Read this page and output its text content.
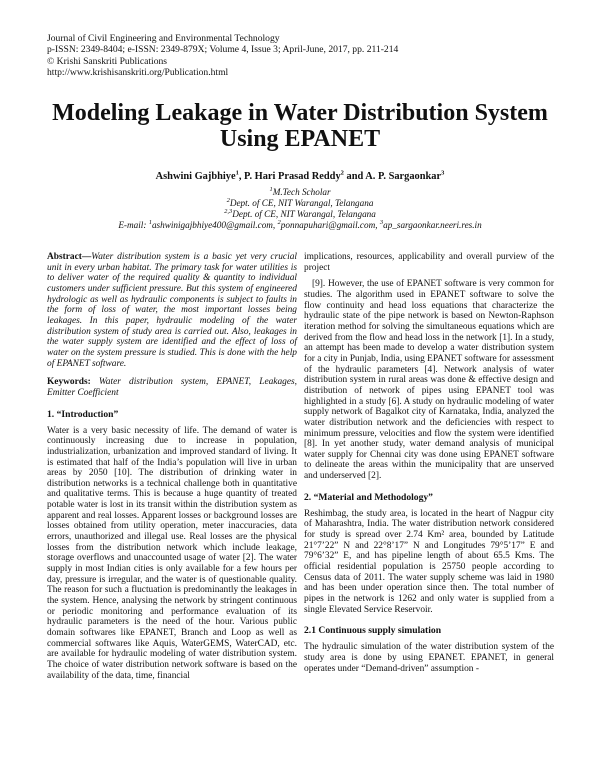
Journal of Civil Engineering and Environmental Technology
p-ISSN: 2349-8404; e-ISSN: 2349-879X; Volume 4, Issue 3; April-June, 2017, pp. 211-214
© Krishi Sanskriti Publications
http://www.krishisanskriti.org/Publication.html
Modeling Leakage in Water Distribution System Using EPANET
Ashwini Gajbhiye$^1$, P. Hari Prasad Reddy$^2$ and A. P. Sargaonkar$^3$
$^1$M.Tech Scholar
$^2$Dept. of CE, NIT Warangal, Telangana
$^{2,3}$Dept. of CE, NIT Warangal, Telangana
E-mail: $^1$ashwinigajbhiye400@gmail.com, $^2$ponnapuhari@gmail.com, $^3$ap_sargaonkar.neeri.res.in

Abstract—Water distribution system is a basic yet very crucial unit in every urban habitat. The primary task for water utilities is to deliver water of the required quality & quantity to individual customers under sufficient pressure. But this system of engineered hydrologic as well as hydraulic components is subject to faults in the form of loss of water, the most important losses being leakages. In this paper, hydraulic modeling of the water distribution system of study area is carried out. Also, leakages in the water supply system are identified and the effect of loss of water on the system pressure is studied. This is done with the help of EPANET software.

Keywords: Water distribution system, EPANET, Leakages, Emitter Coefficient

1. “Introduction”

Water is a very basic necessity of life. The demand of water is continuously increasing due to increase in population, industrialization, urbanization and improved standard of living. It is estimated that half of the India’s population will live in urban areas by 2050 [10]. The distribution of drinking water in distribution networks is a technical challenge both in quantitative and qualitative terms. This is because a huge quantity of treated potable water is lost in its transit within the distribution system as apparent and real losses. Apparent losses or background losses are losses obtained from utility operation, meter inaccuracies, data errors, unauthorized and illegal use. Real losses are the physical losses from the distribution network which include leakage, storage overflows and unaccounted usage of water [2]. The water supply in most Indian cities is only available for a few hours per day, pressure is irregular, and the water is of questionable quality. The reason for such a fluctuation is predominantly the leakages in the system. Hence, analysing the network by stringent continuous or periodic monitoring and performance evaluation of its hydraulic parameters is the need of the hour. Various public domain softwares like EPANET, Branch and Loop as well as commercial softwares like Aquis, WaterGEMS, WaterCAD, etc. are available for hydraulic modeling of water distribution system. The choice of water distribution network software is based on the availability of the data, time, financial

implications, resources, applicability and overall purview of the project

[9]. However, the use of EPANET software is very common for studies. The algorithm used in EPANET software to solve the flow continuity and head loss equations that characterize the hydraulic state of the pipe network is based on Newton-Raphson iteration method for solving the simultaneous equations which are derived from the flow and head loss in the network [1]. In a study, an attempt has been made to develop a water distribution system for a city in Punjab, India, using EPANET software for assessment of the hydraulic parameters [4]. Network analysis of water distribution system in rural areas was done & effective design and distribution of network of pipes using EPANET tool was highlighted in a study [6]. A study on hydraulic modeling of water supply network of Bagalkot city of Karnataka, India, analyzed the water distribution network and the deficiencies with respect to minimum pressure, velocities and flow the system were identified [8]. In yet another study, water demand analysis of municipal water supply for Chennai city was done using EPANET software to delineate the areas within the municipality that are unserved and underserved [2].

2. “Material and Methodology”

Reshimbag, the study area, is located in the heart of Nagpur city of Maharashtra, India. The water distribution network considered for study is spread over 2.74 Km² area, bounded by Latitude 21°7’22” N and 22°8’17” N and Longitudes 79°5’17” E and 79°6’32” E, and has pipeline length of about 65.5 Kms. The official residential population is 25750 people according to Census data of 2011. The water supply scheme was laid in 1980 and has been under operation since then. The total number of pipes in the network is 1262 and only water is supplied from a single Elevated Service Reservoir.

2.1 Continuous supply simulation

The hydraulic simulation of the water distribution system of the study area is done by using EPANET. EPANET, in general operates under “Demand-driven” assumption -
